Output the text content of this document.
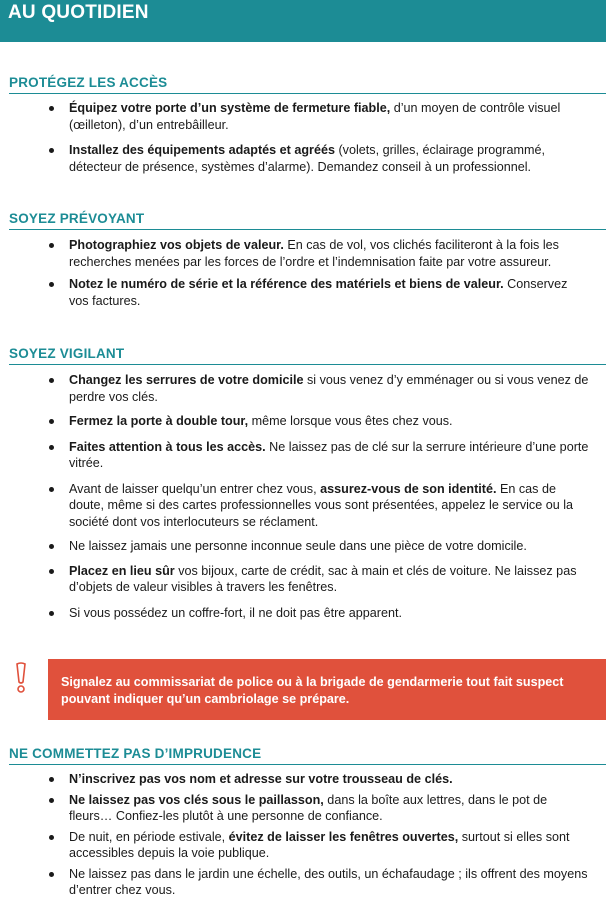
AU QUOTIDIEN
PROTÉGEZ LES ACCÈS
Équipez votre porte d’un système de fermeture fiable, d’un moyen de contrôle visuel (œilleton), d’un entrebâilleur.
Installez des équipements adaptés et agréés (volets, grilles, éclairage programmé, détecteur de présence, systèmes d’alarme). Demandez conseil à un professionnel.
SOYEZ PRÉVOYANT
Photographiez vos objets de valeur. En cas de vol, vos clichés faciliteront à la fois les recherches menées par les forces de l’ordre et l’indemnisation faite par votre assureur.
Notez le numéro de série et la référence des matériels et biens de valeur. Conservez vos factures.
SOYEZ VIGILANT
Changez les serrures de votre domicile si vous venez d’y emménager ou si vous venez de perdre vos clés.
Fermez la porte à double tour, même lorsque vous êtes chez vous.
Faites attention à tous les accès. Ne laissez pas de clé sur la serrure intérieure d’une porte vitrée.
Avant de laisser quelqu’un entrer chez vous, assurez-vous de son identité. En cas de doute, même si des cartes professionnelles vous sont présentées, appelez le service ou la société dont vos interlocuteurs se réclament.
Ne laissez jamais une personne inconnue seule dans une pièce de votre domicile.
Placez en lieu sûr vos bijoux, carte de crédit, sac à main et clés de voiture. Ne laissez pas d’objets de valeur visibles à travers les fenêtres.
Si vous possédez un coffre-fort, il ne doit pas être apparent.

Signalez au commissariat de police ou à la brigade de gendarmerie tout fait suspect pouvant indiquer qu’un cambriolage se prépare.

NE COMMETTEZ PAS D’IMPRUDENCE
N’inscrivez pas vos nom et adresse sur votre trousseau de clés.
Ne laissez pas vos clés sous le paillasson, dans la boîte aux lettres, dans le pot de fleurs… Confiez-les plutôt à une personne de confiance.
De nuit, en période estivale, évitez de laisser les fenêtres ouvertes, surtout si elles sont accessibles depuis la voie publique.
Ne laissez pas dans le jardin une échelle, des outils, un échafaudage ; ils offrent des moyens d’entrer chez vous.
